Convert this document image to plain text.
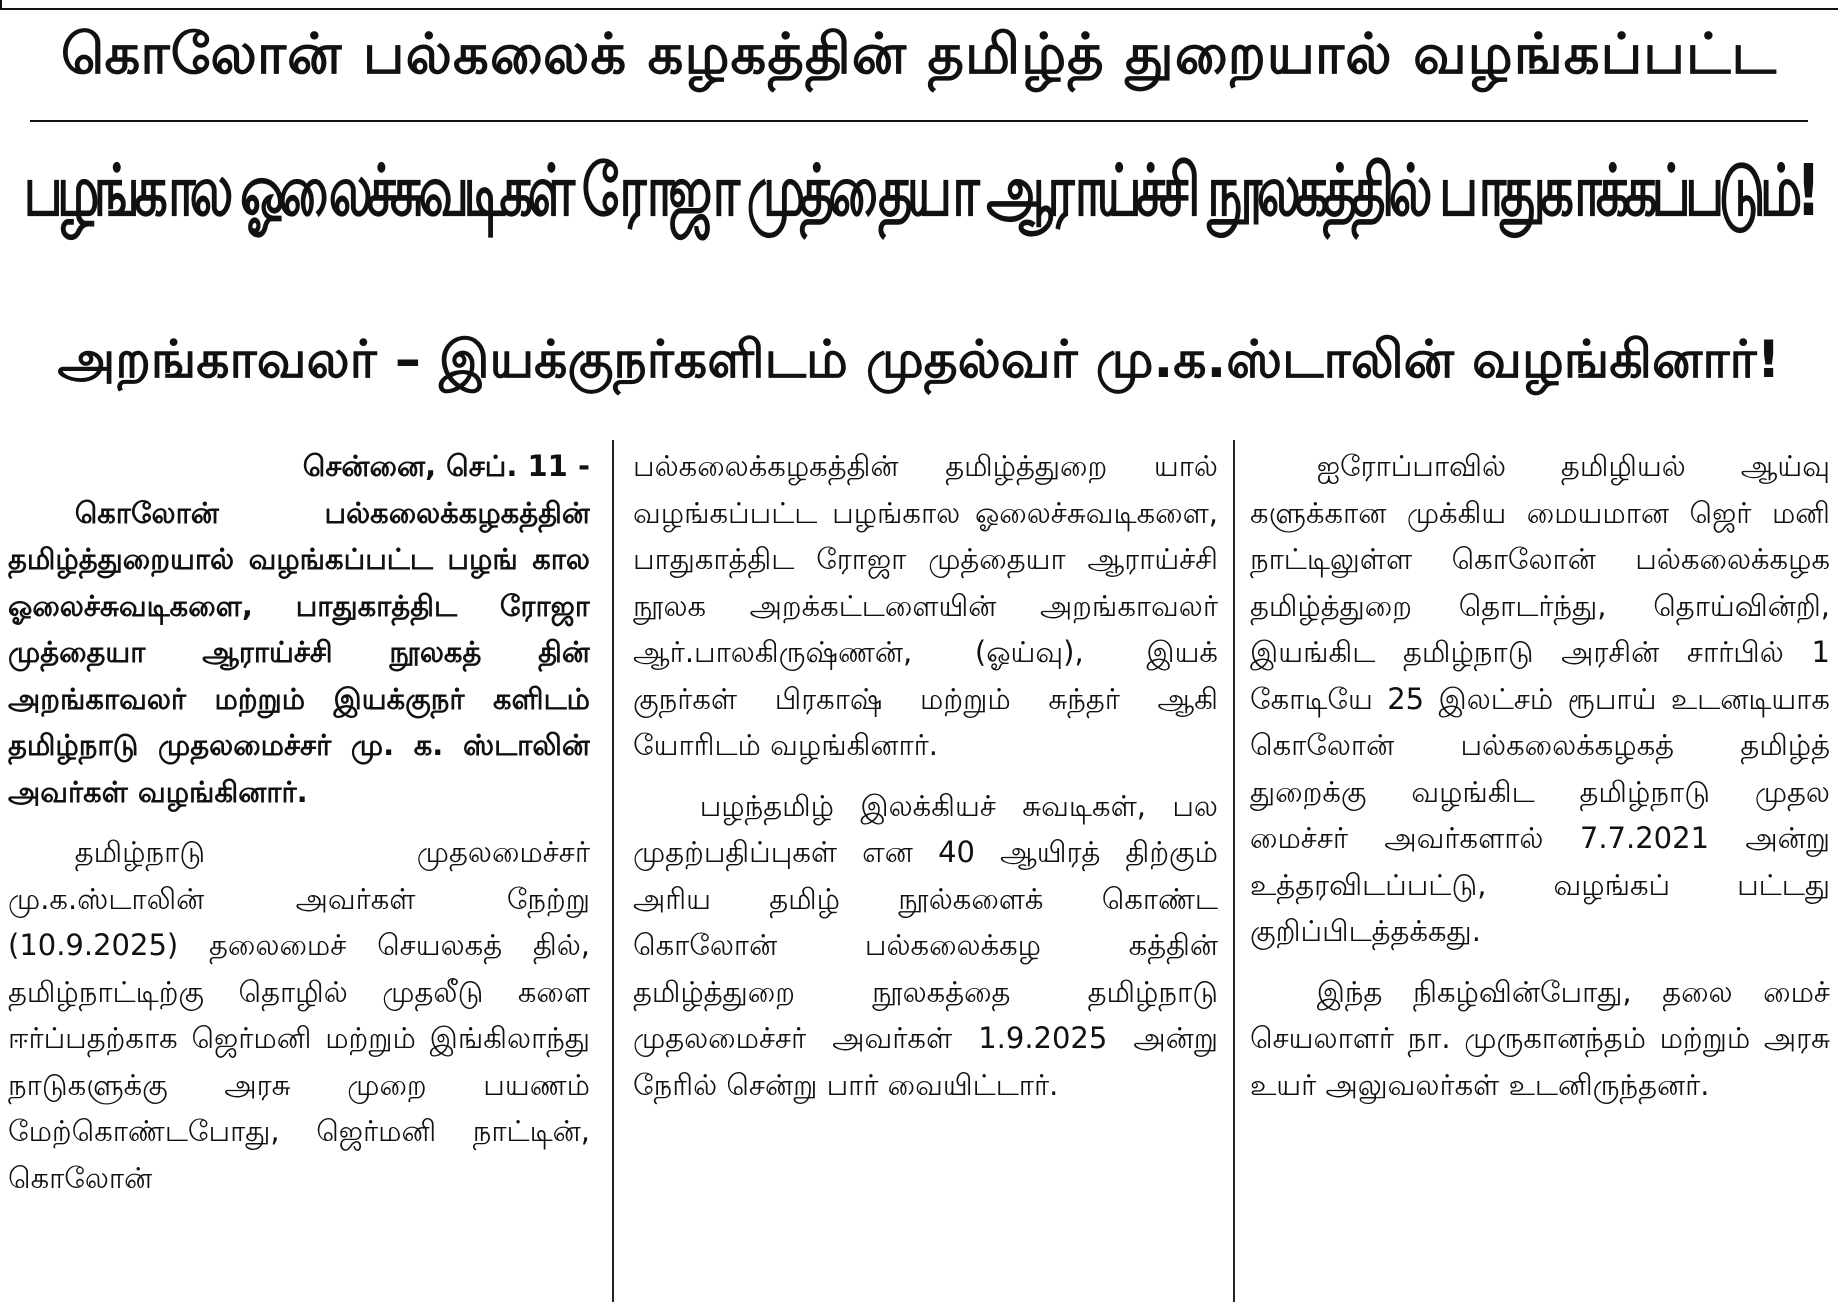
கொலோன் பல்கலைக் கழகத்தின் தமிழ்த் துறையால் வழங்கப்பட்ட
பழங்கால ஓலைச்சுவடிகள் ரோஜா முத்தையா ஆராய்ச்சி நூலகத்தில் பாதுகாக்கப்படும்!
அறங்காவலர் – இயக்குநர்களிடம் முதல்வர் மு.க.ஸ்டாலின் வழங்கினார்!

சென்னை, செப். 11 -

கொலோன் பல்கலைக்கழகத்தின் தமிழ்த்துறையால் வழங்கப்பட்ட பழங் கால ஓலைச்சுவடிகளை, பாதுகாத்திட ரோஜா முத்தையா ஆராய்ச்சி நூலகத் தின் அறங்காவலர் மற்றும் இயக்குநர் களிடம் தமிழ்நாடு முதலமைச்சர் மு. க. ஸ்டாலின் அவர்கள் வழங்கினார்.

தமிழ்நாடு முதலமைச்சர் மு.க.ஸ்டாலின் அவர்கள் நேற்று (10.9.2025) தலைமைச் செயலகத் தில், தமிழ்நாட்டிற்கு தொழில் முதலீடு களை ஈர்ப்பதற்காக ஜெர்மனி மற்றும் இங்கிலாந்து நாடுகளுக்கு அரசு முறை பயணம் மேற்கொண்டபோது, ஜெர்மனி நாட்டின், கொலோன்

பல்கலைக்கழகத்தின் தமிழ்த்துறை யால் வழங்கப்பட்ட பழங்கால ஓலைச்சுவடிகளை, பாதுகாத்திட ரோஜா முத்தையா ஆராய்ச்சி நூலக அறக்கட்டளையின் அறங்காவலர் ஆர்.பாலகிருஷ்ணன், (ஓய்வு), இயக் குநர்கள் பிரகாஷ் மற்றும் சுந்தர் ஆகி யோரிடம் வழங்கினார்.

பழந்தமிழ் இலக்கியச் சுவடிகள், பல முதற்பதிப்புகள் என 40 ஆயிரத் திற்கும் அரிய தமிழ் நூல்களைக் கொண்ட கொலோன் பல்கலைக்கழ கத்தின் தமிழ்த்துறை நூலகத்தை தமிழ்நாடு முதலமைச்சர் அவர்கள் 1.9.2025 அன்று நேரில் சென்று பார் வையிட்டார்.

ஐரோப்பாவில் தமிழியல் ஆய்வு களுக்கான முக்கிய மையமான ஜெர் மனி நாட்டிலுள்ள கொலோன் பல்கலைக்கழக தமிழ்த்துறை தொடர்ந்து, தொய்வின்றி, இயங்கிட தமிழ்நாடு அரசின் சார்பில் 1 கோடியே 25 இலட்சம் ரூபாய் உடனடியாக கொலோன் பல்கலைக்கழகத் தமிழ்த் துறைக்கு வழங்கிட தமிழ்நாடு முதல மைச்சர் அவர்களால் 7.7.2021 அன்று உத்தரவிடப்பட்டு, வழங்கப் பட்டது குறிப்பிடத்தக்கது.

இந்த நிகழ்வின்போது, தலை மைச் செயலாளர் நா. முருகானந்தம் மற்றும் அரசு உயர் அலுவலர்கள் உடனிருந்தனர்.
